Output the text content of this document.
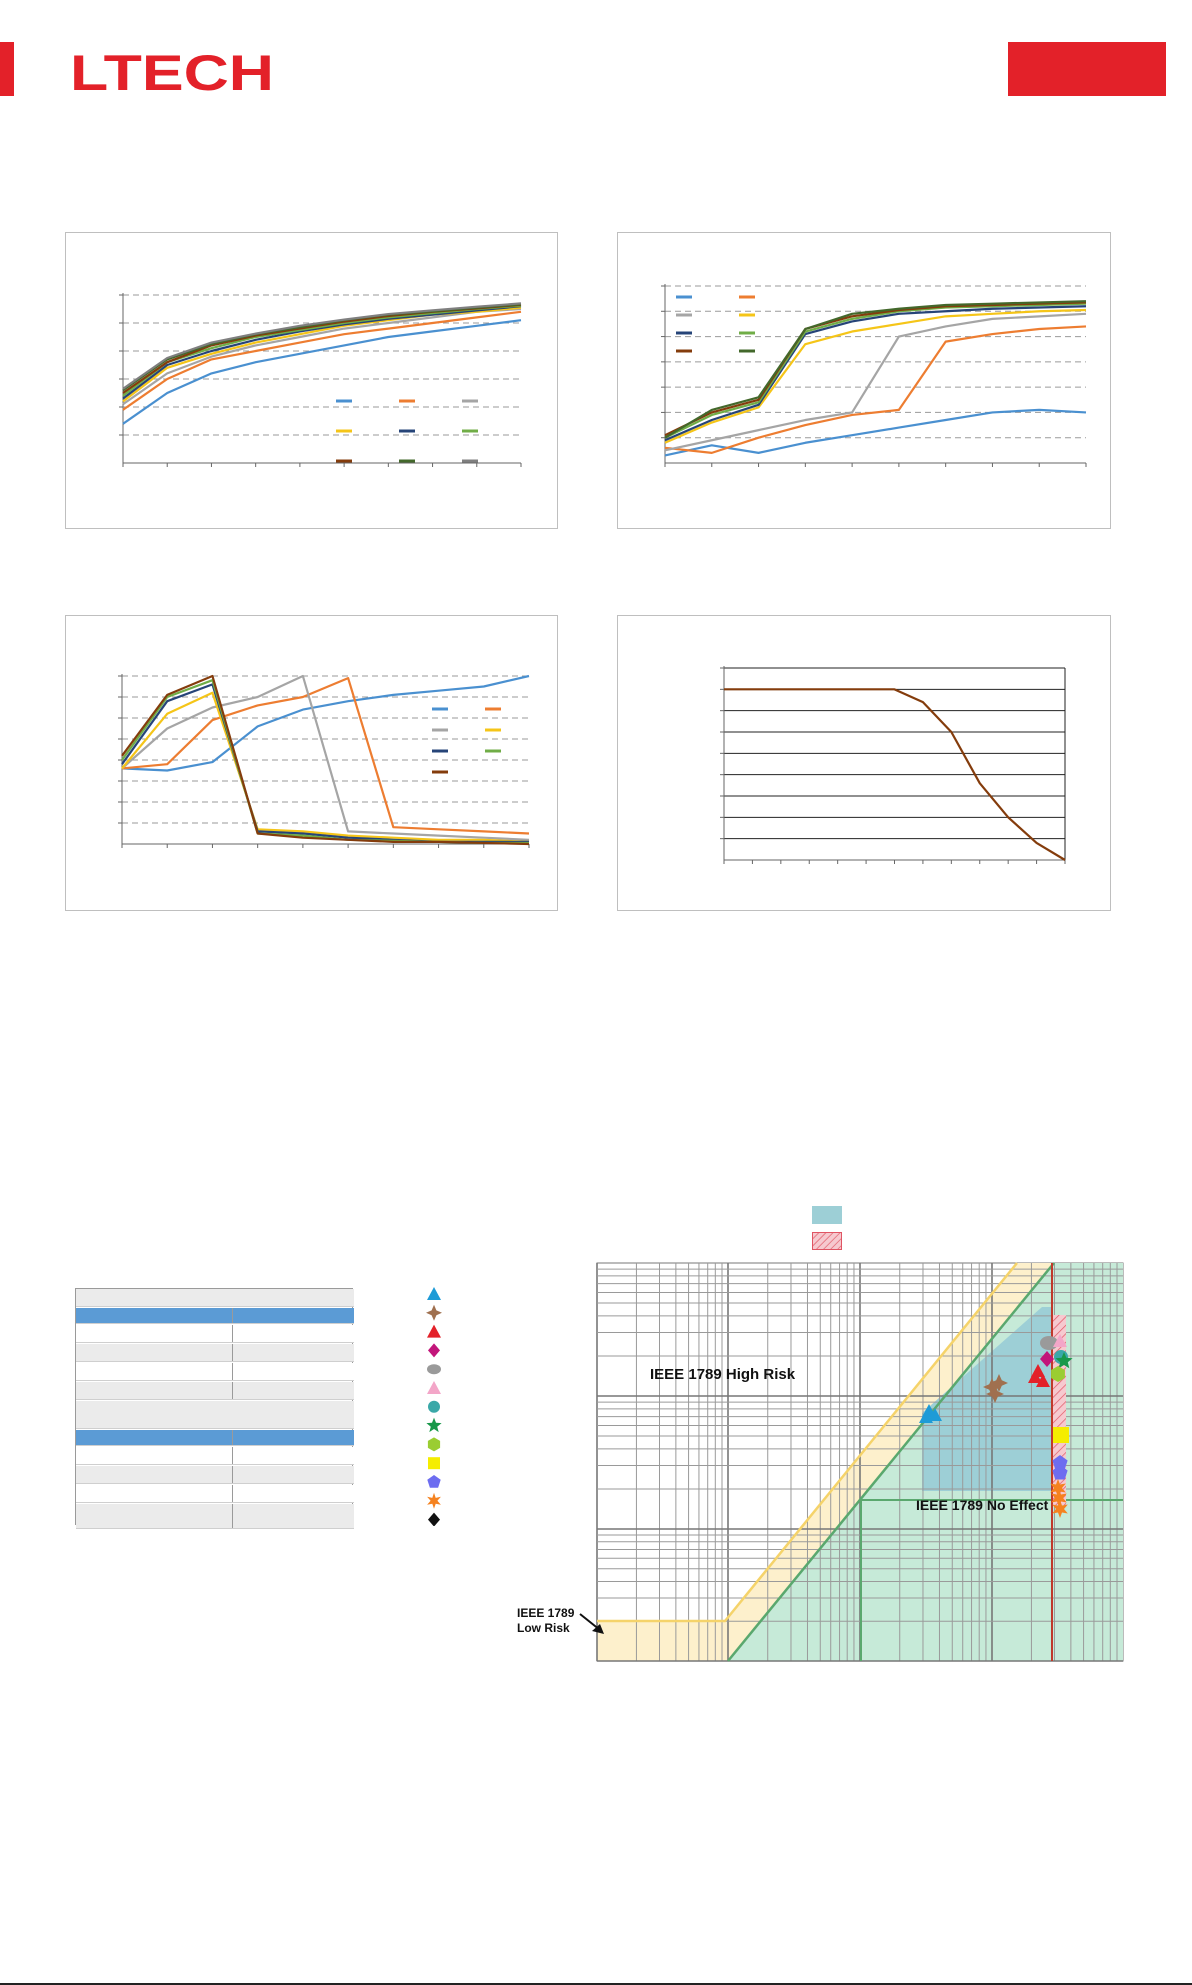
LTECH
IEEE 1789 High Risk
IEEE 1789 No Effect
IEEE 1789
Low Risk
